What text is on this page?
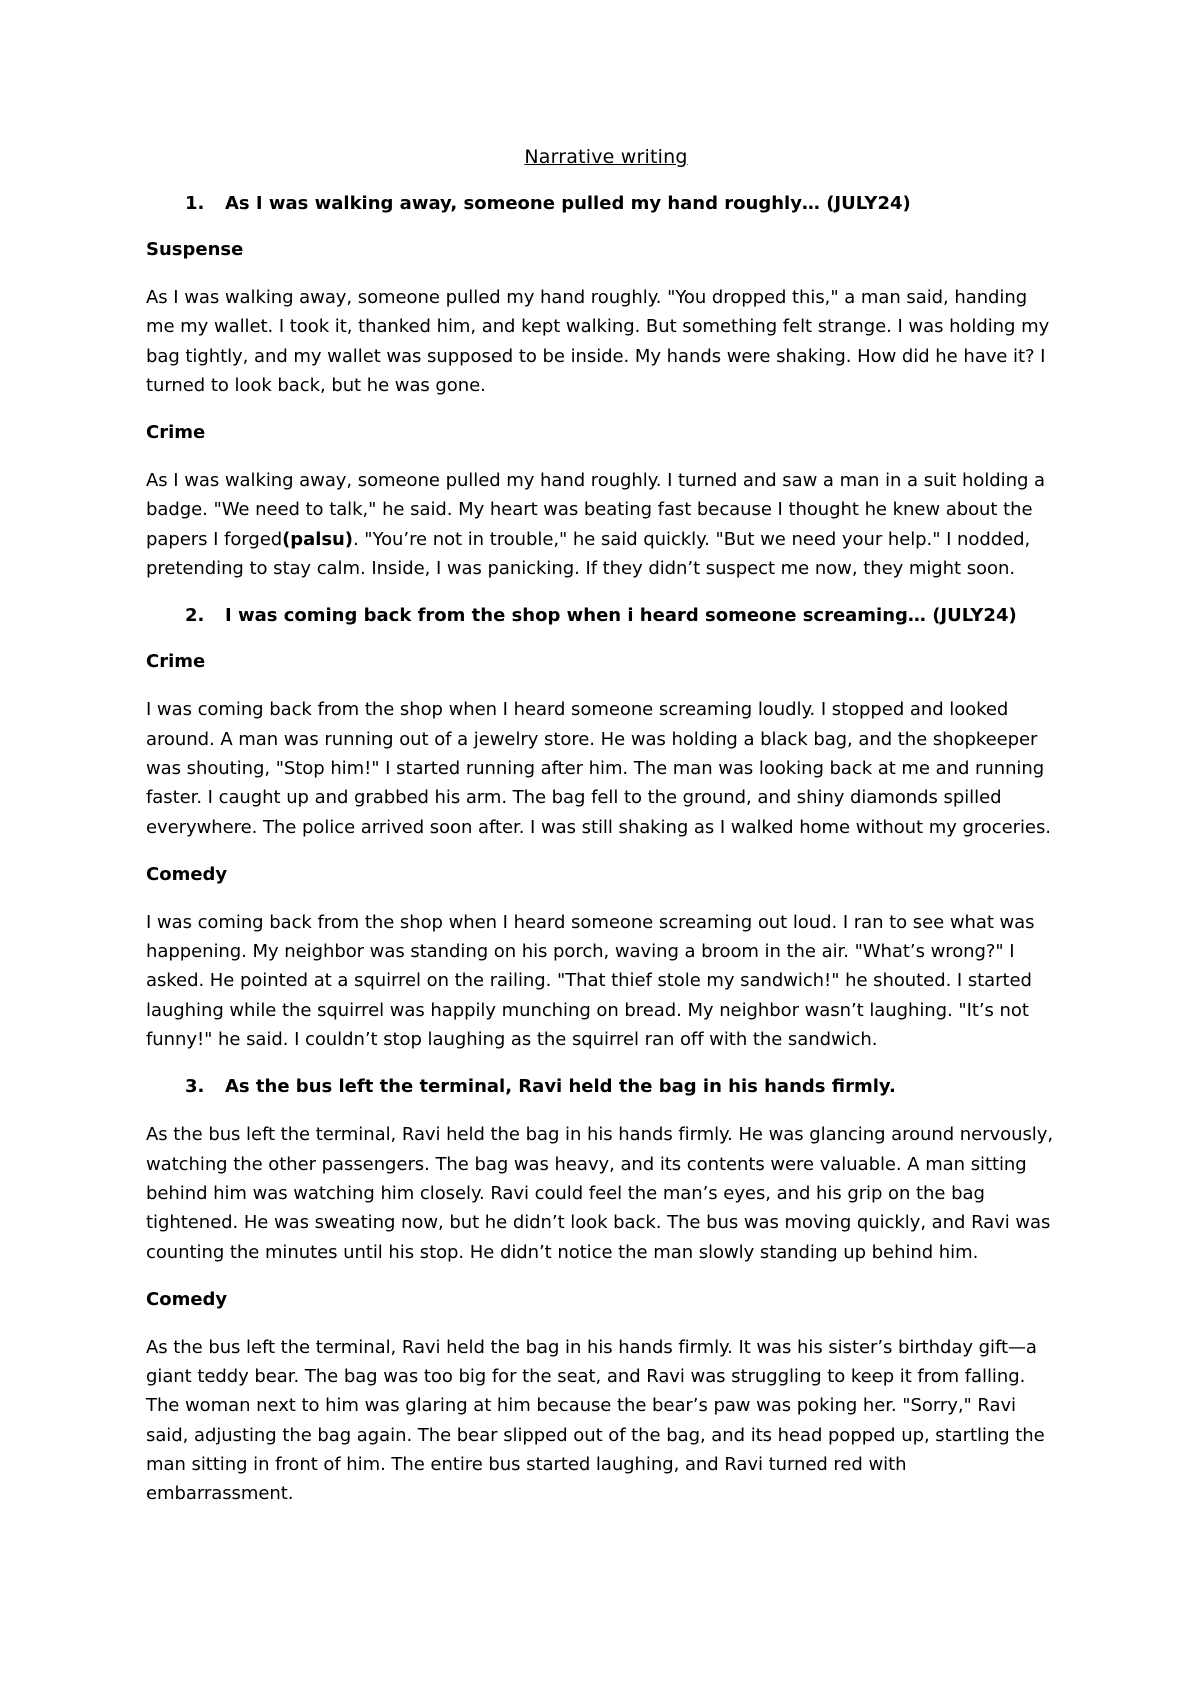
Narrative writing
1. As I was walking away, someone pulled my hand roughly… (JULY24)
Suspense
As I was walking away, someone pulled my hand roughly. "You dropped this," a man said, handing
me my wallet. I took it, thanked him, and kept walking. But something felt strange. I was holding my
bag tightly, and my wallet was supposed to be inside. My hands were shaking. How did he have it? I
turned to look back, but he was gone.
Crime
As I was walking away, someone pulled my hand roughly. I turned and saw a man in a suit holding a
badge. "We need to talk," he said. My heart was beating fast because I thought he knew about the
papers I forged(palsu). "You’re not in trouble," he said quickly. "But we need your help." I nodded,
pretending to stay calm. Inside, I was panicking. If they didn’t suspect me now, they might soon.
2. I was coming back from the shop when i heard someone screaming… (JULY24)
Crime
I was coming back from the shop when I heard someone screaming loudly. I stopped and looked
around. A man was running out of a jewelry store. He was holding a black bag, and the shopkeeper
was shouting, "Stop him!" I started running after him. The man was looking back at me and running
faster. I caught up and grabbed his arm. The bag fell to the ground, and shiny diamonds spilled
everywhere. The police arrived soon after. I was still shaking as I walked home without my groceries.
Comedy
I was coming back from the shop when I heard someone screaming out loud. I ran to see what was
happening. My neighbor was standing on his porch, waving a broom in the air. "What’s wrong?" I
asked. He pointed at a squirrel on the railing. "That thief stole my sandwich!" he shouted. I started
laughing while the squirrel was happily munching on bread. My neighbor wasn’t laughing. "It’s not
funny!" he said. I couldn’t stop laughing as the squirrel ran off with the sandwich.
3. As the bus left the terminal, Ravi held the bag in his hands firmly.
As the bus left the terminal, Ravi held the bag in his hands firmly. He was glancing around nervously,
watching the other passengers. The bag was heavy, and its contents were valuable. A man sitting
behind him was watching him closely. Ravi could feel the man’s eyes, and his grip on the bag
tightened. He was sweating now, but he didn’t look back. The bus was moving quickly, and Ravi was
counting the minutes until his stop. He didn’t notice the man slowly standing up behind him.
Comedy
As the bus left the terminal, Ravi held the bag in his hands firmly. It was his sister’s birthday gift—a
giant teddy bear. The bag was too big for the seat, and Ravi was struggling to keep it from falling.
The woman next to him was glaring at him because the bear’s paw was poking her. "Sorry," Ravi
said, adjusting the bag again. The bear slipped out of the bag, and its head popped up, startling the
man sitting in front of him. The entire bus started laughing, and Ravi turned red with
embarrassment.
